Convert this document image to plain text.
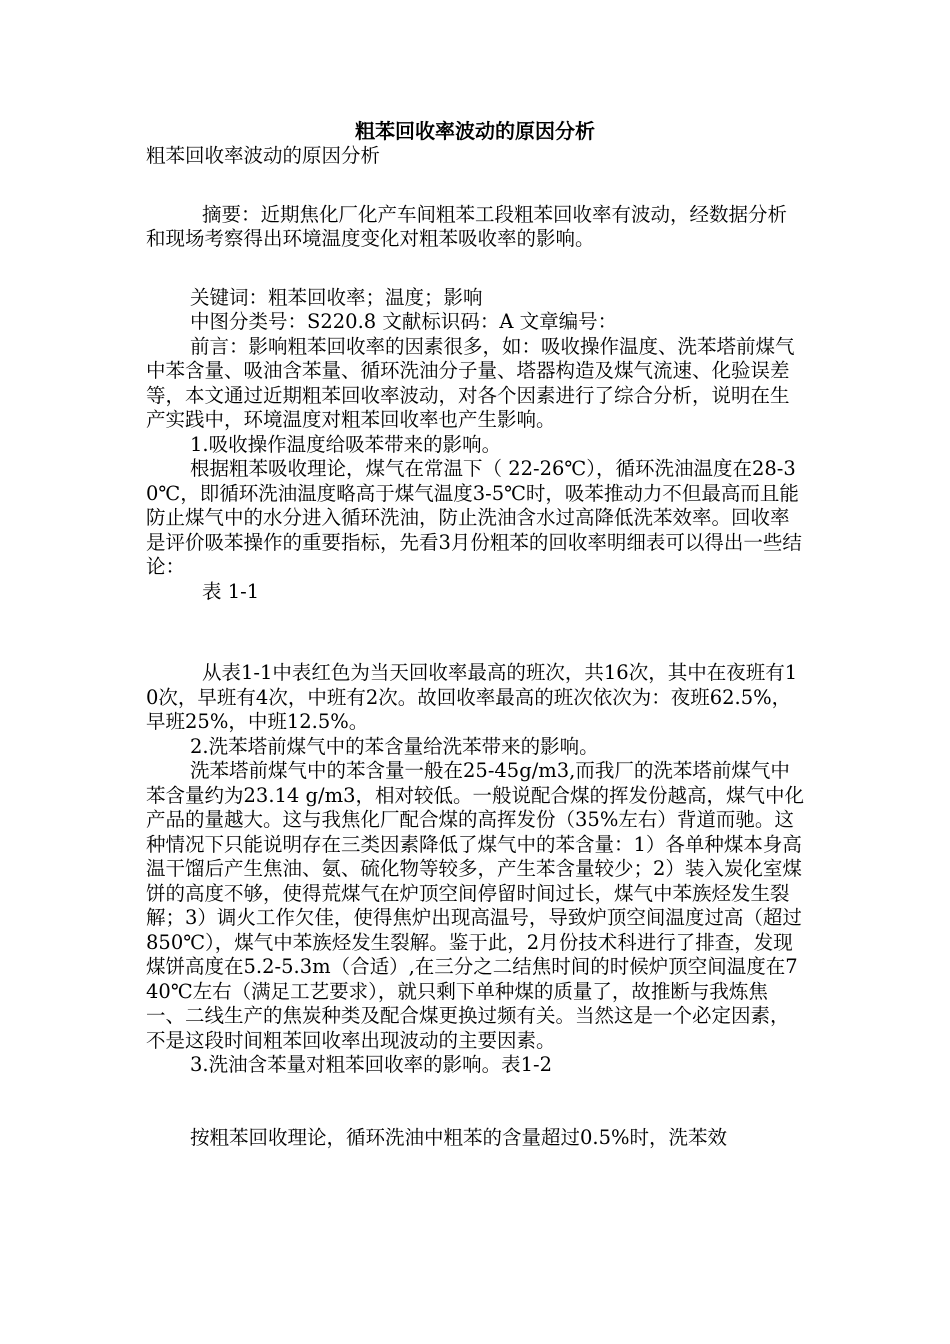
粗苯回收率波动的原因分析

粗苯回收率波动的原因分析

摘要：近期焦化厂化产车间粗苯工段粗苯回收率有波动，经数据分析和现场考察得出环境温度变化对粗苯吸收率的影响。

关键词：粗苯回收率；温度；影响

中图分类号：S220.8 文献标识码：A 文章编号：

前言：影响粗苯回收率的因素很多，如：吸收操作温度、洗苯塔前煤气中苯含量、吸油含苯量、循环洗油分子量、塔器构造及煤气流速、化验误差等，本文通过近期粗苯回收率波动，对各个因素进行了综合分析，说明在生产实践中，环境温度对粗苯回收率也产生影响。

1.吸收操作温度给吸苯带来的影响。

根据粗苯吸收理论，煤气在常温下（ 22-26℃），循环洗油温度在28-30℃，即循环洗油温度略高于煤气温度3-5℃时，吸苯推动力不但最高而且能防止煤气中的水分进入循环洗油，防止洗油含水过高降低洗苯效率。回收率是评价吸苯操作的重要指标，先看3月份粗苯的回收率明细表可以得出一些结论：

表 1-1

从表1-1中表红色为当天回收率最高的班次，共16次，其中在夜班有10次，早班有4次，中班有2次。故回收率最高的班次依次为：夜班62.5%，早班25%，中班12.5%。

2.洗苯塔前煤气中的苯含量给洗苯带来的影响。

洗苯塔前煤气中的苯含量一般在25-45g/m3,而我厂的洗苯塔前煤气中苯含量约为23.14 g/m3，相对较低。一般说配合煤的挥发份越高，煤气中化产品的量越大。这与我焦化厂配合煤的高挥发份（35%左右）背道而驰。这种情况下只能说明存在三类因素降低了煤气中的苯含量：1）各单种煤本身高温干馏后产生焦油、氨、硫化物等较多，产生苯含量较少；2）装入炭化室煤饼的高度不够，使得荒煤气在炉顶空间停留时间过长，煤气中苯族烃发生裂解；3）调火工作欠佳，使得焦炉出现高温号，导致炉顶空间温度过高（超过850℃），煤气中苯族烃发生裂解。鉴于此，2月份技术科进行了排查，发现煤饼高度在5.2-5.3m（合适）,在三分之二结焦时间的时候炉顶空间温度在740℃左右（满足工艺要求），就只剩下单种煤的质量了，故推断与我炼焦一、二线生产的焦炭种类及配合煤更换过频有关。当然这是一个必定因素，不是这段时间粗苯回收率出现波动的主要因素。

3.洗油含苯量对粗苯回收率的影响。表1-2

按粗苯回收理论，循环洗油中粗苯的含量超过0.5%时，洗苯效
